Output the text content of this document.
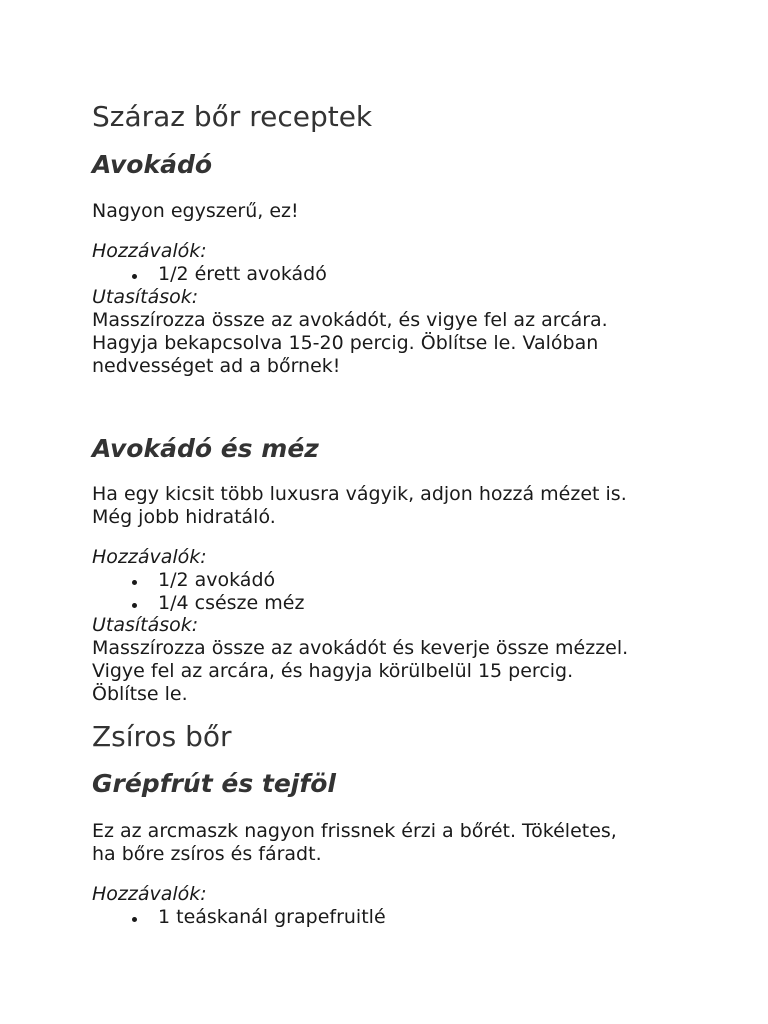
Száraz bőr receptek
Avokádó

Nagyon egyszerű, ez!

Hozzávalók:

1/2 érett avokádó

Utasítások:

Masszírozza össze az avokádót, és vigye fel az arcára.

Hagyja bekapcsolva 15-20 percig. Öblítse le. Valóban

nedvességet ad a bőrnek!

Avokádó és méz

Ha egy kicsit több luxusra vágyik, adjon hozzá mézet is.

Még jobb hidratáló.

Hozzávalók:

1/2 avokádó

1/4 csésze méz

Utasítások:

Masszírozza össze az avokádót és keverje össze mézzel.

Vigye fel az arcára, és hagyja körülbelül 15 percig.

Öblítse le.

Zsíros bőr
Grépfrút és tejföl

Ez az arcmaszk nagyon frissnek érzi a bőrét. Tökéletes,

ha bőre zsíros és fáradt.

Hozzávalók:

1 teáskanál grapefruitlé
